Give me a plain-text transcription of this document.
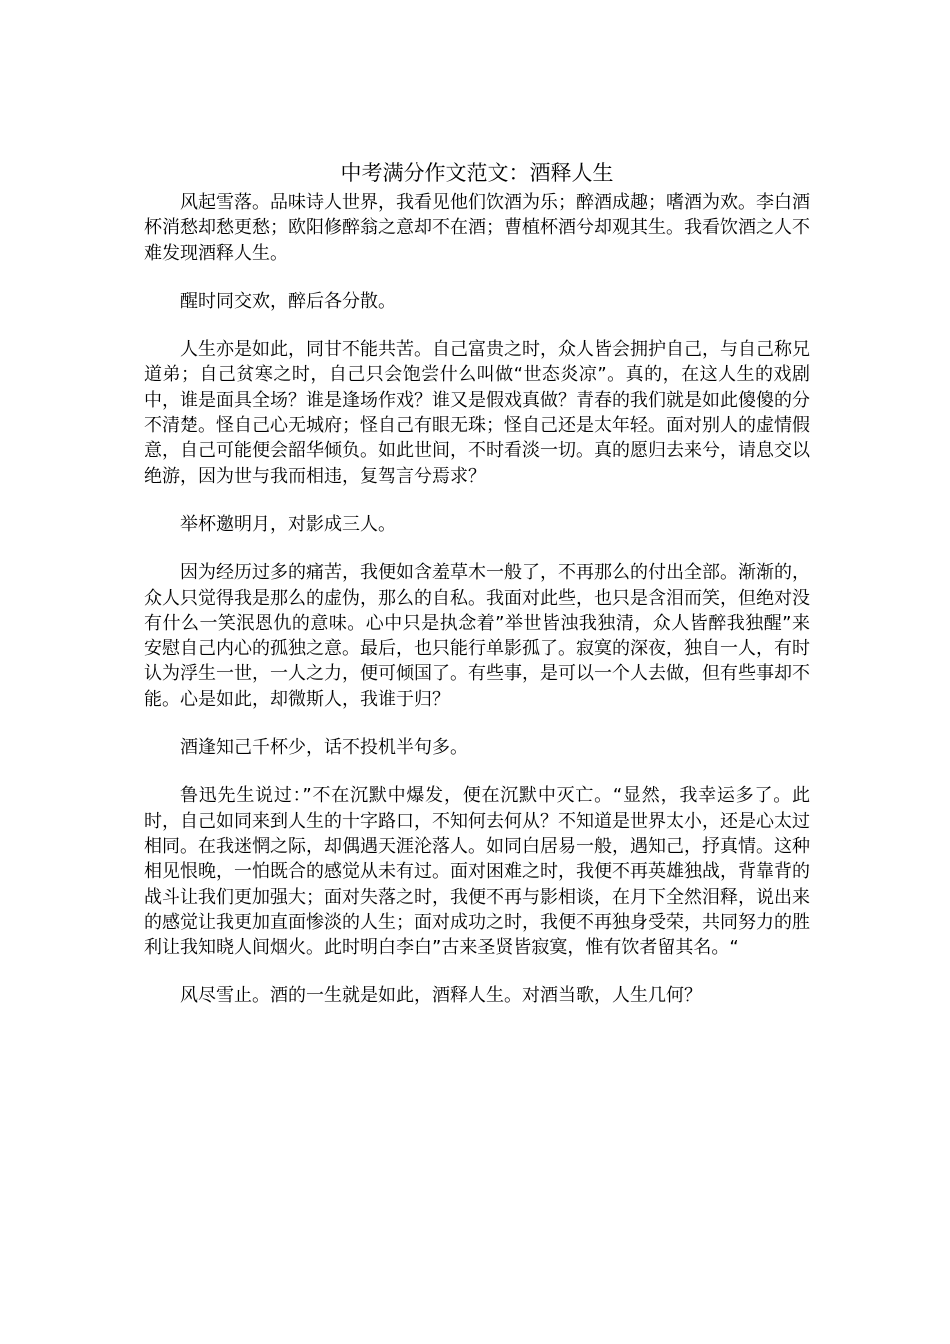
中考满分作文范文：酒释人生

风起雪落。品味诗人世界，我看见他们饮酒为乐；醉酒成趣；嗜酒为欢。李白酒杯消愁却愁更愁；欧阳修醉翁之意却不在酒；曹植杯酒兮却观其生。我看饮酒之人不难发现酒释人生。

醒时同交欢，醉后各分散。

人生亦是如此，同甘不能共苦。自己富贵之时，众人皆会拥护自己，与自己称兄道弟；自己贫寒之时，自己只会饱尝什么叫做“世态炎凉”。真的，在这人生的戏剧中，谁是面具全场？谁是逢场作戏？谁又是假戏真做？青春的我们就是如此傻傻的分不清楚。怪自己心无城府；怪自己有眼无珠；怪自己还是太年轻。面对别人的虚情假意，自己可能便会韶华倾负。如此世间，不时看淡一切。真的愿归去来兮，请息交以绝游，因为世与我而相违，复驾言兮焉求？

举杯邀明月，对影成三人。

因为经历过多的痛苦，我便如含羞草木一般了，不再那么的付出全部。渐渐的，众人只觉得我是那么的虚伪，那么的自私。我面对此些，也只是含泪而笑，但绝对没有什么一笑泯恩仇的意味。心中只是执念着”举世皆浊我独清，众人皆醉我独醒”来安慰自己内心的孤独之意。最后，也只能行单影孤了。寂寞的深夜，独自一人，有时认为浮生一世，一人之力，便可倾国了。有些事，是可以一个人去做，但有些事却不能。心是如此，却微斯人，我谁于归？

酒逢知己千杯少，话不投机半句多。

鲁迅先生说过：”不在沉默中爆发，便在沉默中灭亡。“显然，我幸运多了。此时，自己如同来到人生的十字路口，不知何去何从？不知道是世界太小，还是心太过相同。在我迷惘之际，却偶遇天涯沦落人。如同白居易一般，遇知己，抒真情。这种相见恨晚，一怕既合的感觉从未有过。面对困难之时，我便不再英雄独战，背靠背的战斗让我们更加强大；面对失落之时，我便不再与影相谈，在月下全然泪释，说出来的感觉让我更加直面惨淡的人生；面对成功之时，我便不再独身受荣，共同努力的胜利让我知晓人间烟火。此时明白李白”古来圣贤皆寂寞，惟有饮者留其名。“

风尽雪止。酒的一生就是如此，酒释人生。对酒当歌，人生几何？
